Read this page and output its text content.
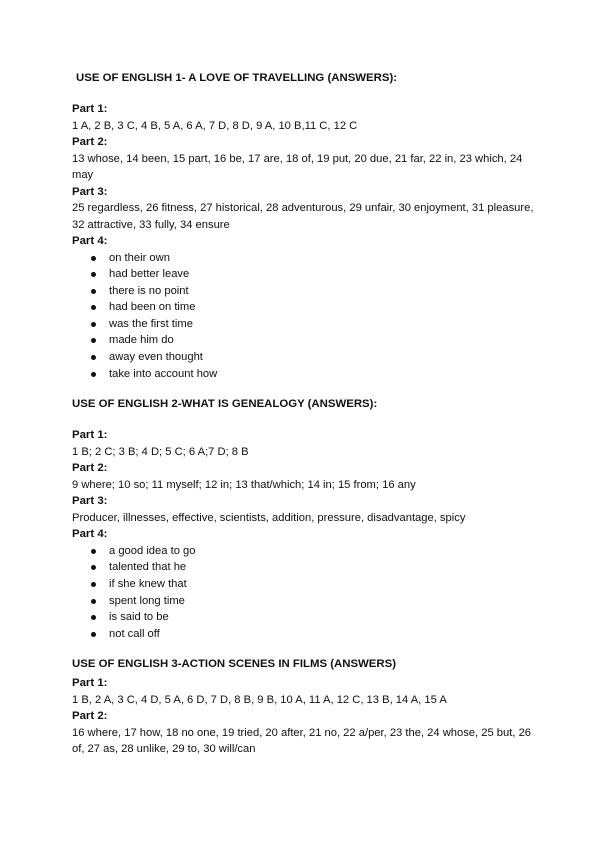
USE OF ENGLISH 1- A LOVE OF TRAVELLING (ANSWERS):
Part 1:
1 A, 2 B, 3 C, 4 B, 5 A, 6 A, 7 D, 8 D, 9 A, 10 B,11 C, 12 C
Part 2:
13 whose, 14 been, 15 part, 16 be, 17 are, 18 of, 19 put, 20 due, 21 far, 22 in, 23 which, 24 may
Part 3:
25 regardless, 26 fitness, 27 historical, 28 adventurous, 29 unfair, 30 enjoyment, 31 pleasure, 32 attractive, 33 fully, 34 ensure
Part 4:
on their own
had better leave
there is no point
had been on time
was the first time
made him do
away even thought
take into account how
USE OF ENGLISH 2-WHAT IS GENEALOGY (ANSWERS):
Part 1:
1 B; 2 C; 3 B; 4 D; 5 C; 6 A;7 D; 8 B
Part 2:
9 where; 10 so; 11 myself; 12 in; 13 that/which; 14 in; 15 from; 16 any
Part 3:
Producer, illnesses, effective, scientists, addition, pressure, disadvantage, spicy
Part 4:
a good idea to go
talented that he
if she knew that
spent long time
is said to be
not call off
USE OF ENGLISH 3-ACTION SCENES IN FILMS (ANSWERS)
Part 1:
1 B, 2 A, 3 C, 4 D, 5 A, 6 D, 7 D, 8 B, 9 B, 10 A, 11 A, 12 C, 13 B, 14 A, 15 A
Part 2:
16 where, 17 how, 18 no one, 19 tried, 20 after, 21 no, 22 a/per, 23 the, 24 whose, 25 but, 26 of, 27 as, 28 unlike, 29 to, 30 will/can
